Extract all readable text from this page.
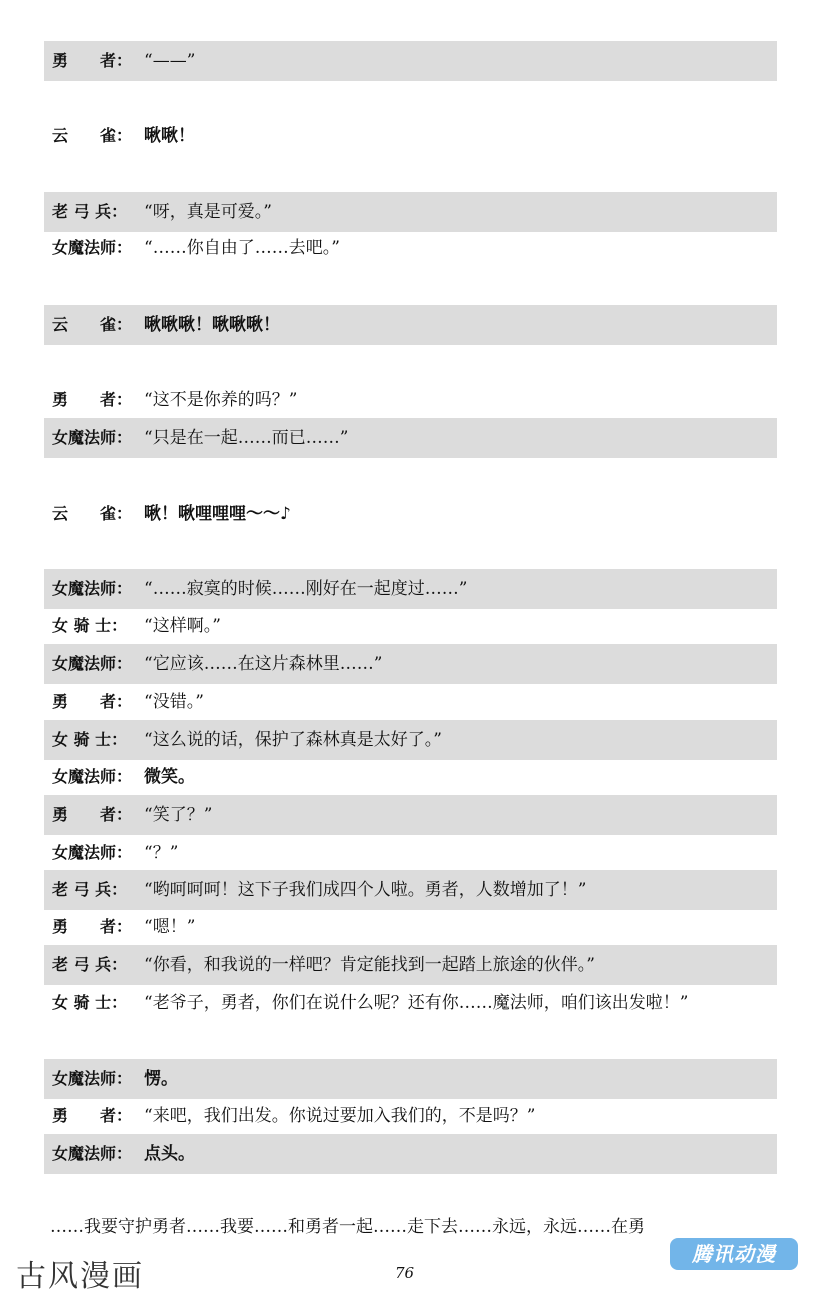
勇　　者： “——”
云　　雀： 啾啾！
老 弓 兵： “呀，真是可爱。”
女魔法师： “……你自由了……去吧。”
云　　雀： 啾啾啾！啾啾啾！
勇　　者： “这不是你养的吗？”
女魔法师： “只是在一起……而已……”
云　　雀： 啾！啾哩哩哩～～♪
女魔法师： “……寂寞的时候……刚好在一起度过……”
女 骑 士： “这样啊。”
女魔法师： “它应该……在这片森林里……”
勇　　者： “没错。”
女 骑 士： “这么说的话，保护了森林真是太好了。”
女魔法师： 微笑。
勇　　者： “笑了？”
女魔法师： “？”
老 弓 兵： “哟呵呵呵！这下子我们成四个人啦。勇者，人数增加了！”
勇　　者： “嗯！”
老 弓 兵： “你看，和我说的一样吧？肯定能找到一起踏上旅途的伙伴。”
女 骑 士： “老爷子，勇者，你们在说什么呢？还有你……魔法师，咱们该出发啦！”
女魔法师： 愣。
勇　　者： “来吧，我们出发。你说过要加入我们的，不是吗？”
女魔法师： 点头。
……我要守护勇者……我要……和勇者一起……走下去……永远，永远……在勇
76
古风漫画
腾讯动漫
